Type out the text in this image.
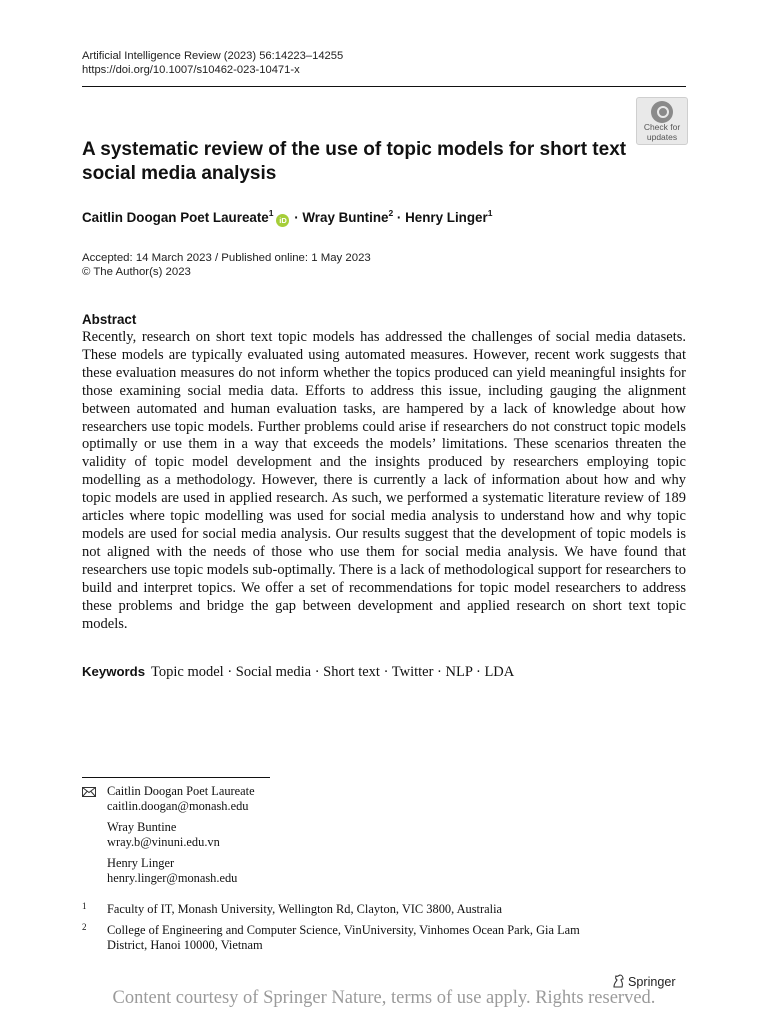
Artificial Intelligence Review (2023) 56:14223–14255
https://doi.org/10.1007/s10462-023-10471-x
Check for
updates
A systematic review of the use of topic models for short text social media analysis
Caitlin Doogan Poet Laureate$^1$iD · Wray Buntine$^2$ · Henry Linger$^1$
Accepted: 14 March 2023 / Published online: 1 May 2023
© The Author(s) 2023
Abstract
Recently, research on short text topic models has addressed the challenges of social media datasets. These models are typically evaluated using automated measures. However, recent work suggests that these evaluation measures do not inform whether the topics produced can yield meaningful insights for those examining social media data. Efforts to address this issue, including gauging the alignment between automated and human evaluation tasks, are hampered by a lack of knowledge about how researchers use topic models. Further problems could arise if researchers do not construct topic models optimally or use them in a way that exceeds the models’ limitations. These scenarios threaten the validity of topic model development and the insights produced by researchers employing topic modelling as a methodology. However, there is currently a lack of information about how and why topic models are used in applied research. As such, we performed a systematic literature review of 189 articles where topic modelling was used for social media analysis to understand how and why topic models are used for social media analysis. Our results suggest that the development of topic models is not aligned with the needs of those who use them for social media analysis. We have found that researchers use topic models sub-optimally. There is a lack of methodological support for researchers to build and interpret topics. We offer a set of recommendations for topic model researchers to address these problems and bridge the gap between development and applied research on short text topic models.
Keywords Topic model · Social media · Short text · Twitter · NLP · LDA
Caitlin Doogan Poet Laureate
caitlin.doogan@monash.edu
Wray Buntine
wray.b@vinuni.edu.vn
Henry Linger
henry.linger@monash.edu
1 Faculty of IT, Monash University, Wellington Rd, Clayton, VIC 3800, Australia
2 College of Engineering and Computer Science, VinUniversity, Vinhomes Ocean Park, Gia Lam District, Hanoi 10000, Vietnam
Springer
Content courtesy of Springer Nature, terms of use apply. Rights reserved.
